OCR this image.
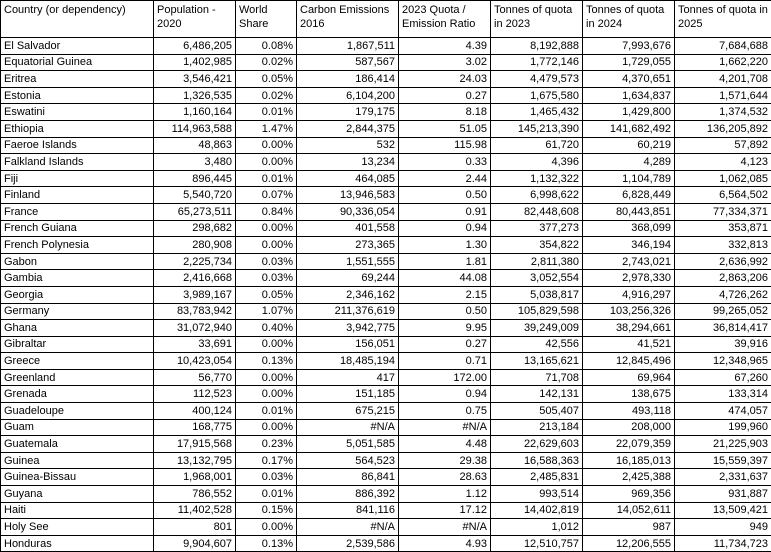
Country (or dependency)	Population - 2020	World Share	Carbon Emissions 2016	2023 Quota / Emission Ratio	Tonnes of quota in 2023	Tonnes of quota in 2024	Tonnes of quota in 2025
El Salvador	6,486,205	0.08%	1,867,511	4.39	8,192,888	7,993,676	7,684,688
Equatorial Guinea	1,402,985	0.02%	587,567	3.02	1,772,146	1,729,055	1,662,220
Eritrea	3,546,421	0.05%	186,414	24.03	4,479,573	4,370,651	4,201,708
Estonia	1,326,535	0.02%	6,104,200	0.27	1,675,580	1,634,837	1,571,644
Eswatini	1,160,164	0.01%	179,175	8.18	1,465,432	1,429,800	1,374,532
Ethiopia	114,963,588	1.47%	2,844,375	51.05	145,213,390	141,682,492	136,205,892
Faeroe Islands	48,863	0.00%	532	115.98	61,720	60,219	57,892
Falkland Islands	3,480	0.00%	13,234	0.33	4,396	4,289	4,123
Fiji	896,445	0.01%	464,085	2.44	1,132,322	1,104,789	1,062,085
Finland	5,540,720	0.07%	13,946,583	0.50	6,998,622	6,828,449	6,564,502
France	65,273,511	0.84%	90,336,054	0.91	82,448,608	80,443,851	77,334,371
French Guiana	298,682	0.00%	401,558	0.94	377,273	368,099	353,871
French Polynesia	280,908	0.00%	273,365	1.30	354,822	346,194	332,813
Gabon	2,225,734	0.03%	1,551,555	1.81	2,811,380	2,743,021	2,636,992
Gambia	2,416,668	0.03%	69,244	44.08	3,052,554	2,978,330	2,863,206
Georgia	3,989,167	0.05%	2,346,162	2.15	5,038,817	4,916,297	4,726,262
Germany	83,783,942	1.07%	211,376,619	0.50	105,829,598	103,256,326	99,265,052
Ghana	31,072,940	0.40%	3,942,775	9.95	39,249,009	38,294,661	36,814,417
Gibraltar	33,691	0.00%	156,051	0.27	42,556	41,521	39,916
Greece	10,423,054	0.13%	18,485,194	0.71	13,165,621	12,845,496	12,348,965
Greenland	56,770	0.00%	417	172.00	71,708	69,964	67,260
Grenada	112,523	0.00%	151,185	0.94	142,131	138,675	133,314
Guadeloupe	400,124	0.01%	675,215	0.75	505,407	493,118	474,057
Guam	168,775	0.00%	#N/A	#N/A	213,184	208,000	199,960
Guatemala	17,915,568	0.23%	5,051,585	4.48	22,629,603	22,079,359	21,225,903
Guinea	13,132,795	0.17%	564,523	29.38	16,588,363	16,185,013	15,559,397
Guinea-Bissau	1,968,001	0.03%	86,841	28.63	2,485,831	2,425,388	2,331,637
Guyana	786,552	0.01%	886,392	1.12	993,514	969,356	931,887
Haiti	11,402,528	0.15%	841,116	17.12	14,402,819	14,052,611	13,509,421
Holy See	801	0.00%	#N/A	#N/A	1,012	987	949
Honduras	9,904,607	0.13%	2,539,586	4.93	12,510,757	12,206,555	11,734,723
